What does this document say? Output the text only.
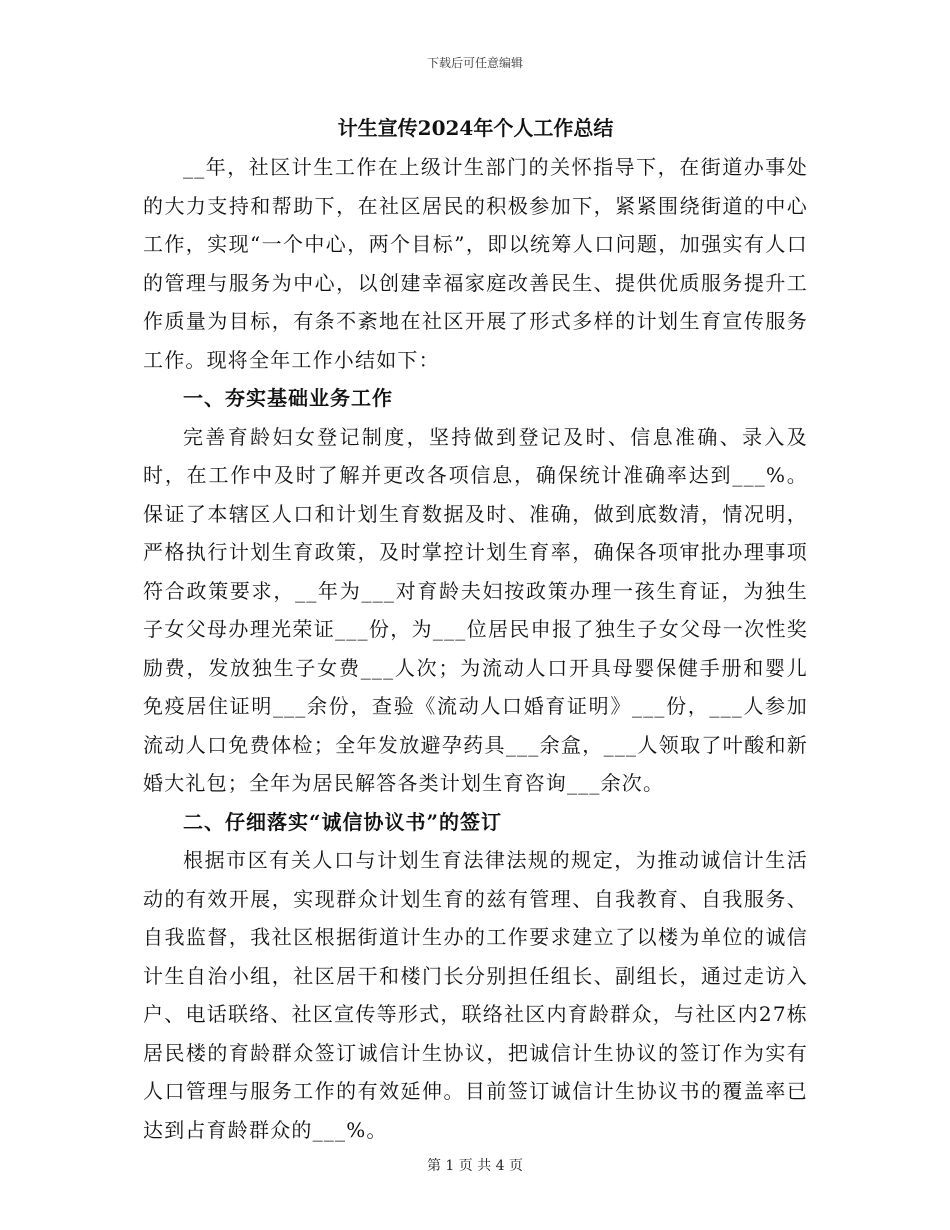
下载后可任意编辑
计生宣传2024年个人工作总结

__年，社区计生工作在上级计生部门的关怀指导下，在街道办事处的大力支持和帮助下，在社区居民的积极参加下，紧紧围绕街道的中心工作，实现“一个中心，两个目标”，即以统筹人口问题，加强实有人口的管理与服务为中心，以创建幸福家庭改善民生、提供优质服务提升工作质量为目标，有条不紊地在社区开展了形式多样的计划生育宣传服务工作。现将全年工作小结如下：

一、夯实基础业务工作

完善育龄妇女登记制度，坚持做到登记及时、信息准确、录入及时，在工作中及时了解并更改各项信息，确保统计准确率达到___%。保证了本辖区人口和计划生育数据及时、准确，做到底数清，情况明，严格执行计划生育政策，及时掌控计划生育率，确保各项审批办理事项符合政策要求，__年为___对育龄夫妇按政策办理一孩生育证，为独生子女父母办理光荣证___份，为___位居民申报了独生子女父母一次性奖励费，发放独生子女费___人次；为流动人口开具母婴保健手册和婴儿免疫居住证明___余份，查验《流动人口婚育证明》___份，___人参加流动人口免费体检；全年发放避孕药具___余盒，___人领取了叶酸和新婚大礼包；全年为居民解答各类计划生育咨询___余次。

二、仔细落实“诚信协议书”的签订

根据市区有关人口与计划生育法律法规的规定，为推动诚信计生活动的有效开展，实现群众计划生育的兹有管理、自我教育、自我服务、自我监督，我社区根据街道计生办的工作要求建立了以楼为单位的诚信计生自治小组，社区居干和楼门长分别担任组长、副组长，通过走访入户、电话联络、社区宣传等形式，联络社区内育龄群众，与社区内27栋居民楼的育龄群众签订诚信计生协议，把诚信计生协议的签订作为实有人口管理与服务工作的有效延伸。目前签订诚信计生协议书的覆盖率已达到占育龄群众的___%。

第 1 页 共 4 页
